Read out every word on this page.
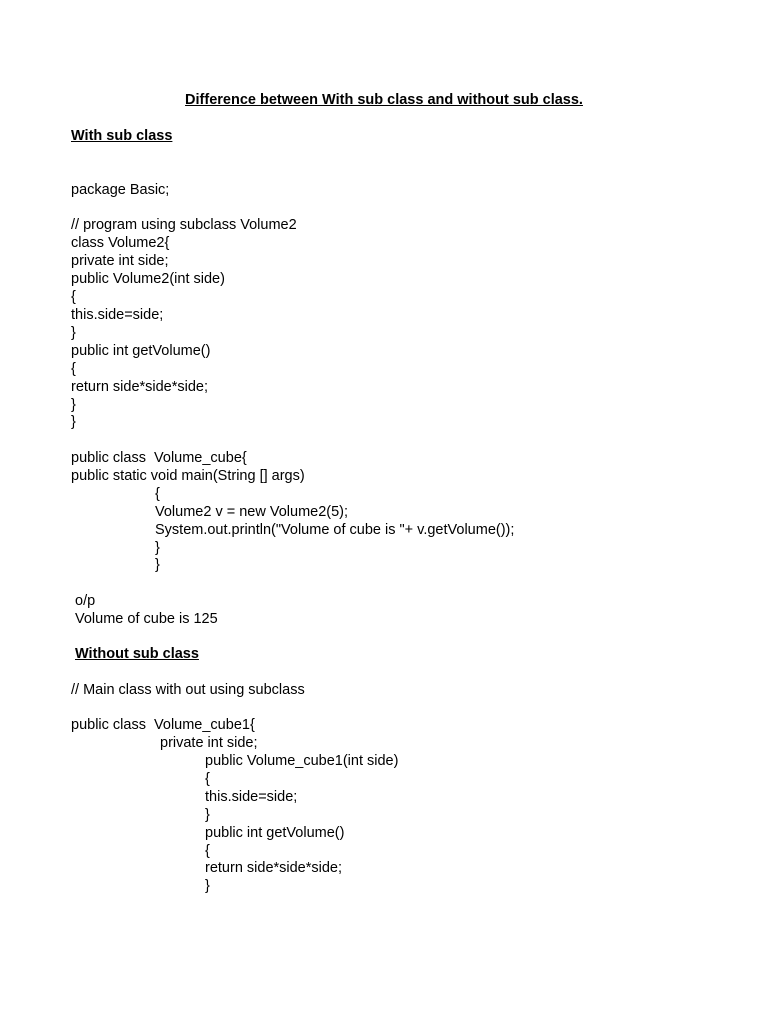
Difference between With sub class and without sub class.
With sub class
package Basic;
// program using subclass Volume2
class Volume2{
private int side;
public Volume2(int side)
{
this.side=side;
}
public int getVolume()
{
return side*side*side;
}
}
public class  Volume_cube{
public static void main(String [] args)
{
Volume2 v = new Volume2(5);
System.out.println("Volume of cube is "+ v.getVolume());
}
}
o/p
Volume of cube is 125
Without sub class
// Main class with out using subclass
public class  Volume_cube1{
private int side;
public Volume_cube1(int side)
{
this.side=side;
}
public int getVolume()
{
return side*side*side;
}
